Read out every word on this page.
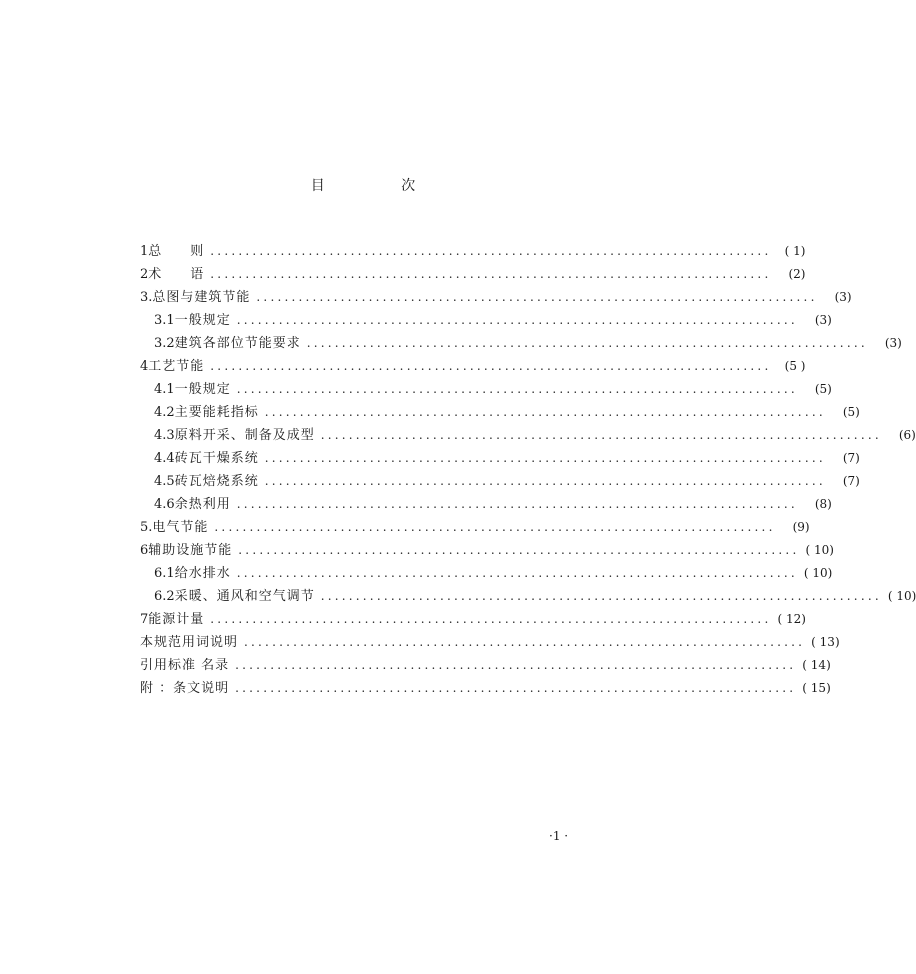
目 次
1 总　　则 ................................................................................	( 1)
2 术　　语 ................................................................................	(2)
3. 总图与建筑节能 ................................................................................	(3)
3.1 一般规定 ................................................................................	(3)
3.2 建筑各部位节能要求 ................................................................................	(3)
4 工艺节能 ................................................................................	(5 )
4.1 一般规定 ................................................................................	(5)
4.2 主要能耗指标 ................................................................................	(5)
4.3 原料开采、制备及成型 ................................................................................	(6)
4.4 砖瓦干燥系统 ................................................................................	(7)
4.5 砖瓦焙烧系统 ................................................................................	(7)
4.6 余热利用 ................................................................................	(8)
5. 电气节能 ................................................................................	(9)
6 辅助设施节能 ................................................................................ ( 10)
6.1 给水排水 ................................................................................ ( 10)
6.2 采暖、通风和空气调节 ................................................................................ ( 10)
7 能源计量 ................................................................................ ( 12)
本规范用词说明 ................................................................................ ( 13)
引用标准 名录 ................................................................................ ( 14)
附 ：条文说明 ................................................................................ ( 15)
·1 ·
